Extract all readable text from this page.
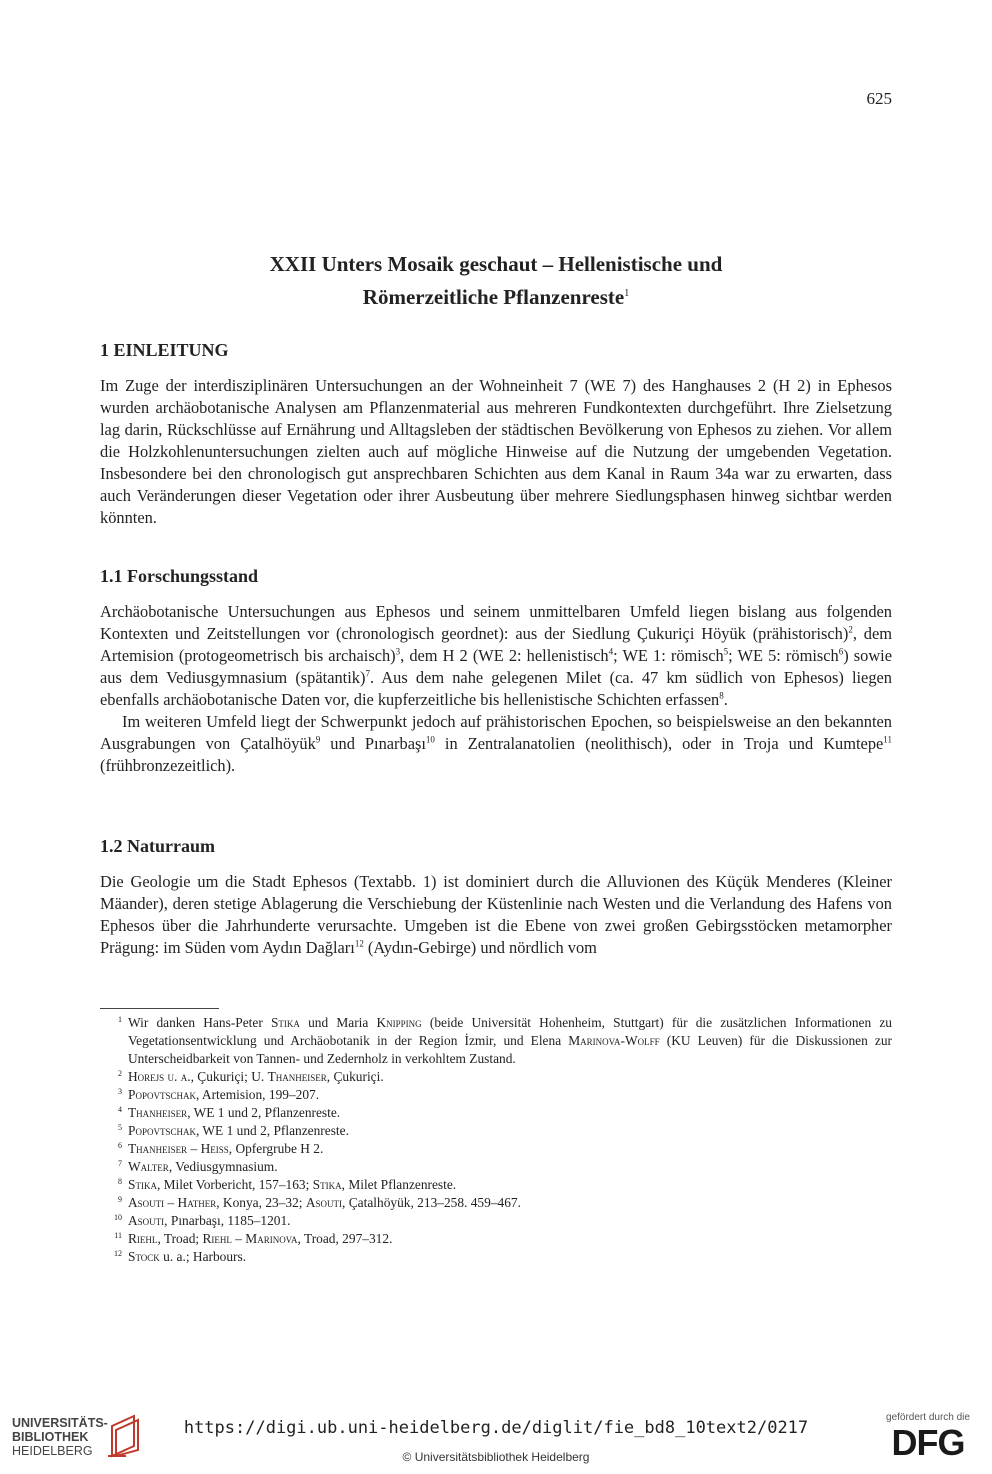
625
XXII Unters Mosaik geschaut – Hellenistische und
Römerzeitliche Pflanzenreste$^1$
1 EINLEITUNG

Im Zuge der interdisziplinären Untersuchungen an der Wohneinheit 7 (WE 7) des Hanghauses 2 (H 2) in Ephesos wurden archäobotanische Analysen am Pflanzenmaterial aus mehreren Fundkontexten durchgeführt. Ihre Zielsetzung lag darin, Rückschlüsse auf Ernährung und Alltagsleben der städtischen Bevölkerung von Ephesos zu ziehen. Vor allem die Holzkohlenuntersuchungen zielten auch auf mögliche Hinweise auf die Nutzung der umgebenden Vegetation. Insbesondere bei den chronologisch gut ansprechbaren Schichten aus dem Kanal in Raum 34a war zu erwarten, dass auch Veränderungen dieser Vegetation oder ihrer Ausbeutung über mehrere Siedlungsphasen hinweg sichtbar werden könnten.

1.1 Forschungsstand

Archäobotanische Untersuchungen aus Ephesos und seinem unmittelbaren Umfeld liegen bislang aus folgenden Kontexten und Zeitstellungen vor (chronologisch geordnet): aus der Siedlung Çukuriçi Höyük (prähistorisch)$^2$, dem Artemision (protogeometrisch bis archaisch)$^3$, dem H 2 (WE 2: hellenistisch$^4$; WE 1: römisch$^5$; WE 5: römisch$^6$) sowie aus dem Vediusgymnasium (spätantik)$^7$. Aus dem nahe gelegenen Milet (ca. 47 km südlich von Ephesos) liegen ebenfalls archäobotanische Daten vor, die kupferzeitliche bis hellenistische Schichten erfassen$^8$.

Im weiteren Umfeld liegt der Schwerpunkt jedoch auf prähistorischen Epochen, so beispielsweise an den bekannten Ausgrabungen von Çatalhöyük$^9$ und Pınarbaşı$^{10}$ in Zentralanatolien (neolithisch), oder in Troja und Kumtepe$^{11}$ (frühbronzezeitlich).

1.2 Naturraum

Die Geologie um die Stadt Ephesos (Textabb. 1) ist dominiert durch die Alluvionen des Küçük Menderes (Kleiner Mäander), deren stetige Ablagerung die Verschiebung der Küstenlinie nach Westen und die Verlandung des Hafens von Ephesos über die Jahrhunderte verursachte. Umgeben ist die Ebene von zwei großen Gebirgsstöcken metamorpher Prägung: im Süden vom Aydın Dağları$^{12}$ (Aydın-Gebirge) und nördlich vom

1 Wir danken Hans-Peter Stika und Maria Knipping (beide Universität Hohenheim, Stuttgart) für die zusätzlichen Informationen zu Vegetationsentwicklung und Archäobotanik in der Region İzmir, und Elena Marinova-Wolff (KU Leuven) für die Diskussionen zur Unterscheidbarkeit von Tannen- und Zedernholz in verkohltem Zustand.
2 Horejs u. a., Çukuriçi; U. Thanheiser, Çukuriçi.
3 Popovtschak, Artemision, 199–207.
4 Thanheiser, WE 1 und 2, Pflanzenreste.
5 Popovtschak, WE 1 und 2, Pflanzenreste.
6 Thanheiser – Heiss, Opfergrube H 2.
7 Walter, Vediusgymnasium.
8 Stika, Milet Vorbericht, 157–163; Stika, Milet Pflanzenreste.
9 Asouti – Hather, Konya, 23–32; Asouti, Çatalhöyük, 213–258. 459–467.
10 Asouti, Pınarbaşı, 1185–1201.
11 Riehl, Troad; Riehl – Marinova, Troad, 297–312.
12 Stock u. a.; Harbours.
UNIVERSITÄTS-
BIBLIOTHEK
HEIDELBERG
https://digi.ub.uni-heidelberg.de/diglit/fie_bd8_10text2/0217
© Universitätsbibliothek Heidelberg
gefördert durch die
DFG
